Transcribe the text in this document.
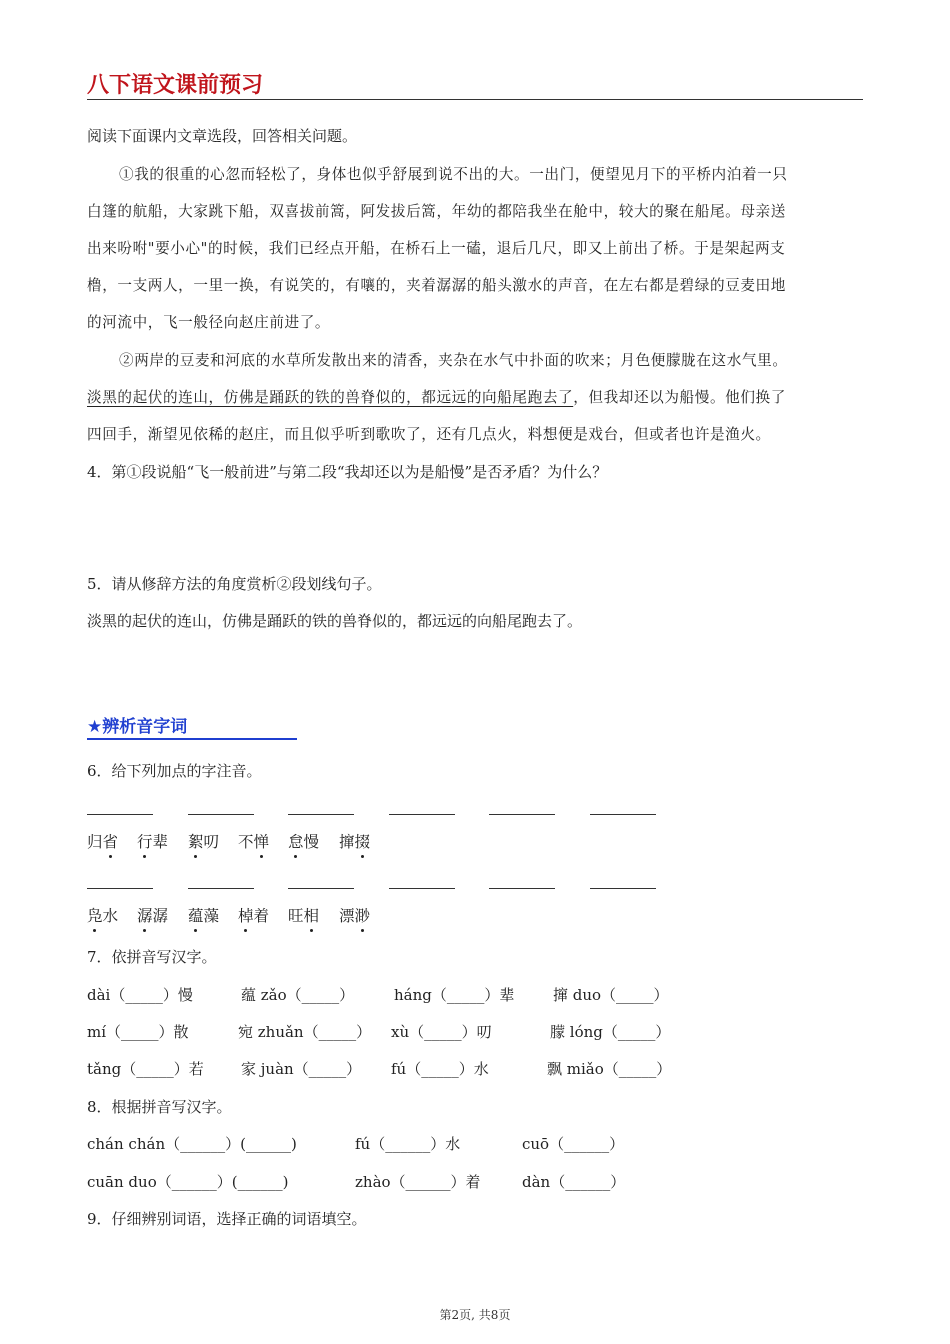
八下语文课前预习
阅读下面课内文章选段，回答相关问题。
①我的很重的心忽而轻松了，身体也似乎舒展到说不出的大。一出门，便望见月下的平桥内泊着一只
白篷的航船，大家跳下船，双喜拔前篙，阿发拔后篙，年幼的都陪我坐在舱中，较大的聚在船尾。母亲送
出来吩咐"要小心"的时候，我们已经点开船，在桥石上一磕，退后几尺，即又上前出了桥。于是架起两支
橹，一支两人，一里一换，有说笑的，有嚷的，夹着潺潺的船头激水的声音，在左右都是碧绿的豆麦田地
的河流中，飞一般径向赵庄前进了。
②两岸的豆麦和河底的水草所发散出来的清香，夹杂在水气中扑面的吹来；月色便朦胧在这水气里。
淡黑的起伏的连山，仿佛是踊跃的铁的兽脊似的，都远远的向船尾跑去了，但我却还以为船慢。他们换了
四回手，渐望见依稀的赵庄，而且似乎听到歌吹了，还有几点火，料想便是戏台，但或者也许是渔火。
4．第①段说船“飞一般前进”与第二段“我却还以为是船慢”是否矛盾？为什么？
5．请从修辞方法的角度赏析②段划线句子。
淡黑的起伏的连山，仿佛是踊跃的铁的兽脊似的，都远远的向船尾跑去了。
★辨析音字词
6．给下列加点的字注音。
归省 行辈 絮叨 不惮 怠慢 撺掇
凫水 潺潺 蕴藻 棹着 旺相 漂渺
7．依拼音写汉字。
dài（_____）慢	蕴 zǎo（_____）	háng（_____）辈	撺 duo（_____）
mí（_____）散	宛 zhuǎn（_____） xù（_____）叨	朦 lóng（_____）
tǎng（_____）若 家 juàn（_____） fú（_____）水	飘 miǎo（_____）
8．根据拼音写汉字。
chán chán（______）(______)	fú（______）水	cuō（______）
cuān duo（______）(______)	zhào（______）着	dàn（______）
9．仔细辨别词语，选择正确的词语填空。
第2页, 共8页
